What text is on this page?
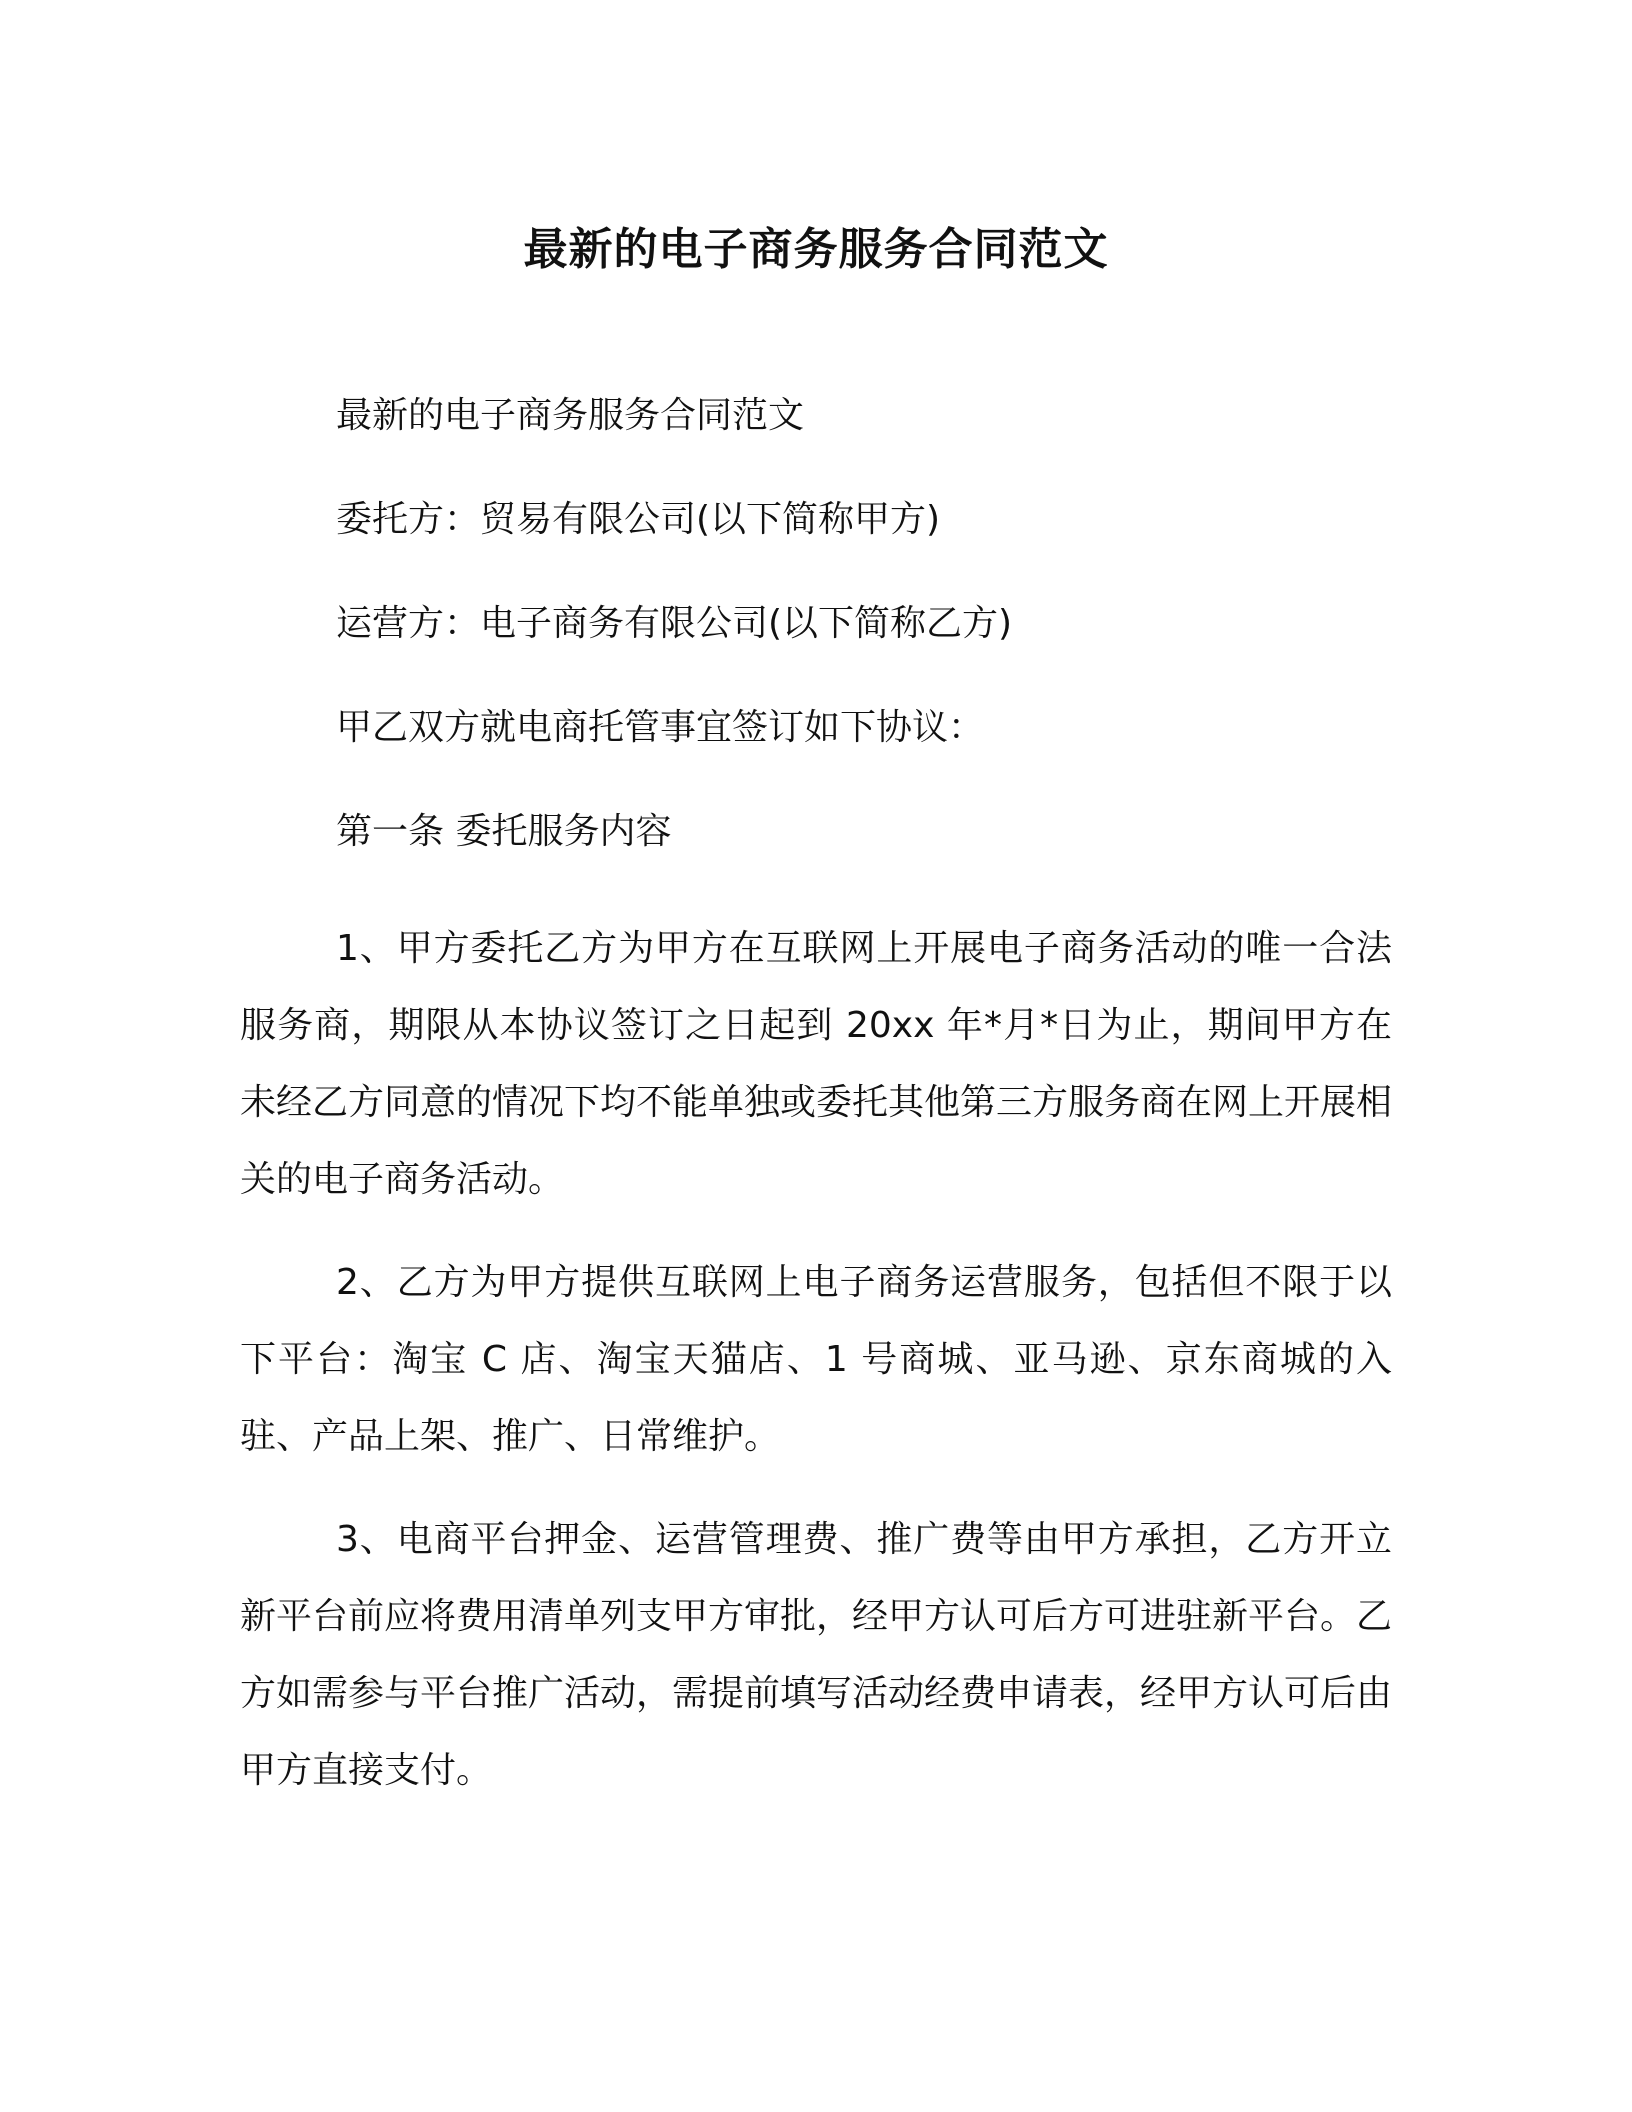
最新的电子商务服务合同范文
最新的电子商务服务合同范文
委托方：贸易有限公司(以下简称甲方)
运营方：电子商务有限公司(以下简称乙方)
甲乙双方就电商托管事宜签订如下协议：
第一条 委托服务内容

1、甲方委托乙方为甲方在互联网上开展电子商务活动的唯一合法服务商，期限从本协议签订之日起到 20xx 年*月*日为止，期间甲方在未经乙方同意的情况下均不能单独或委托其他第三方服务商在网上开展相关的电子商务活动。

2、乙方为甲方提供互联网上电子商务运营服务，包括但不限于以下平台：淘宝 C 店、淘宝天猫店、1 号商城、亚马逊、京东商城的入驻、产品上架、推广、日常维护。

3、电商平台押金、运营管理费、推广费等由甲方承担，乙方开立新平台前应将费用清单列支甲方审批，经甲方认可后方可进驻新平台。乙方如需参与平台推广活动，需提前填写活动经费申请表，经甲方认可后由甲方直接支付。
